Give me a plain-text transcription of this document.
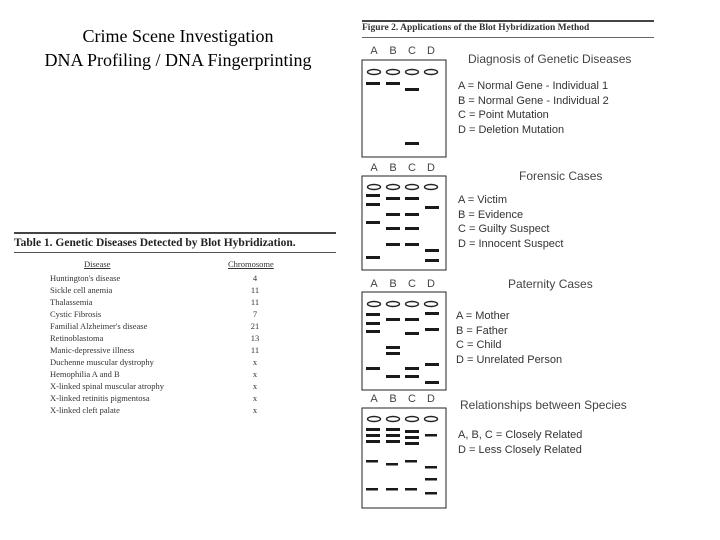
Crime Scene Investigation
DNA Profiling / DNA Fingerprinting
Table 1. Genetic Diseases Detected by Blot Hybridization.
Disease	Chromosome
Huntington's disease	4
Sickle cell anemia	11
Thalassemia	11
Cystic Fibrosis	7
Familial Alzheimer's disease	21
Retinoblastoma	13
Manic-depressive illness	11
Duchenne muscular dystrophy	x
Hemophilia A and B	x
X-linked spinal muscular atrophy	x
X-linked retinitis pigmentosa	x
X-linked cleft palate	x
Figure 2. Applications of the Blot Hybridization Method
A	B	C D
A	B	C D
A	B	C D
A	B	C D
Diagnosis of Genetic Diseases
Forensic Cases
Paternity Cases
Relationships between Species
A = Normal Gene - Individual 1
B = Normal Gene - Individual 2
C = Point Mutation
D = Deletion Mutation
A = Victim
B = Evidence
C = Guilty Suspect
D = Innocent Suspect
A = Mother
B = Father
C = Child
D = Unrelated Person
A, B, C = Closely Related
D = Less Closely Related
